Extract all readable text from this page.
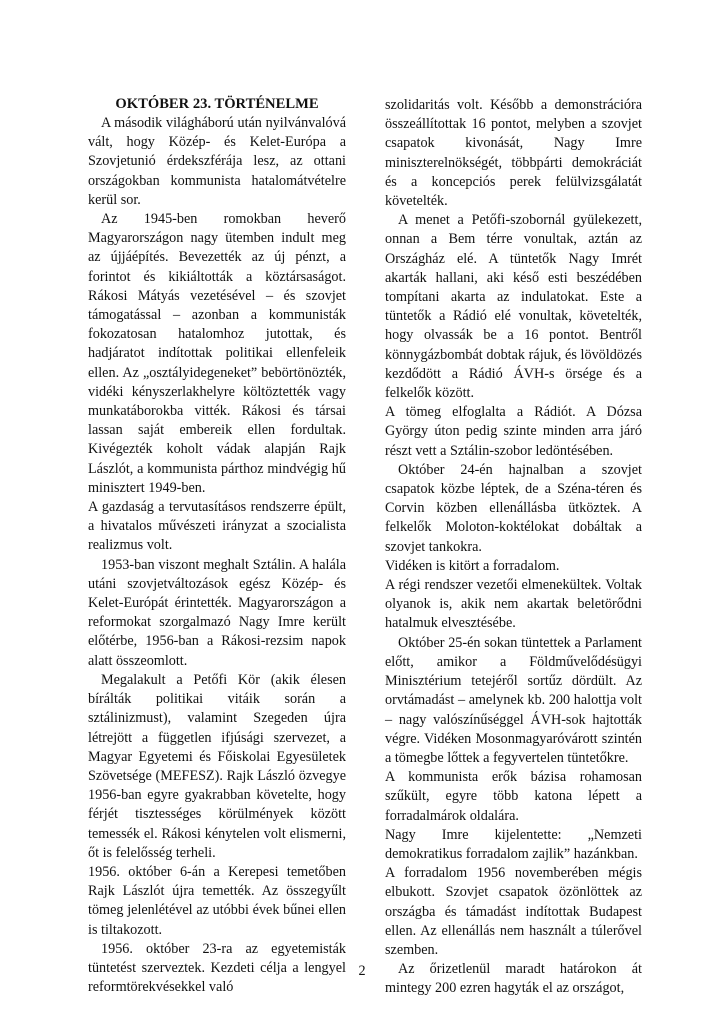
OKTÓBER 23. TÖRTÉNELME

A második világháború után nyilvánvalóvá vált, hogy Közép- és Kelet-Európa a Szovjetunió érdekszférája lesz, az ottani országokban kommunista hatalomátvételre kerül sor.

Az 1945-ben romokban heverő Magyarországon nagy ütemben indult meg az újjáépítés. Bevezették az új pénzt, a forintot és kikiáltották a köztársaságot. Rákosi Mátyás vezetésével – és szovjet támogatással – azonban a kommunisták fokozatosan hatalomhoz jutottak, és hadjáratot indítottak politikai ellenfeleik ellen. Az „osztályidegeneket” bebörtönözték, vidéki kényszerlakhelyre költöztették vagy munkatáborokba vitték. Rákosi és társai lassan saját embereik ellen fordultak. Kivégezték koholt vádak alapján Rajk Lászlót, a kommunista párthoz mindvégig hű minisztert 1949-ben.

A gazdaság a tervutasításos rendszerre épült, a hivatalos művészeti irányzat a szocialista realizmus volt.

1953-ban viszont meghalt Sztálin. A halála utáni szovjetváltozások egész Közép- és Kelet-Európát érintették. Magyarországon a reformokat szorgalmazó Nagy Imre került előtérbe, 1956-ban a Rákosi-rezsim napok alatt összeomlott.

Megalakult a Petőfi Kör (akik élesen bírálták politikai vitáik során a sztálinizmust), valamint Szegeden újra létrejött a független ifjúsági szervezet, a Magyar Egyetemi és Főiskolai Egyesületek Szövetsége (MEFESZ). Rajk László özvegye 1956-ban egyre gyakrabban követelte, hogy férjét tisztességes körülmények között temessék el. Rákosi kénytelen volt elismerni, őt is felelősség terheli.

1956. október 6-án a Kerepesi temetőben Rajk Lászlót újra temették. Az összegyűlt tömeg jelenlétével az utóbbi évek bűnei ellen is tiltakozott.

1956. október 23-ra az egyetemisták tüntetést szerveztek. Kezdeti célja a lengyel reformtörekvésekkel való

szolidaritás volt. Később a demonstrációra összeállítottak 16 pontot, melyben a szovjet csapatok kivonását, Nagy Imre miniszterelnökségét, többpárti demokráciát és a koncepciós perek felülvizsgálatát követelték.

A menet a Petőfi-szobornál gyülekezett, onnan a Bem térre vonultak, aztán az Országház elé. A tüntetők Nagy Imrét akarták hallani, aki késő esti beszédében tompítani akarta az indulatokat. Este a tüntetők a Rádió elé vonultak, követelték, hogy olvassák be a 16 pontot. Bentről könnygázbombát dobtak rájuk, és lövöldözés kezdődött a Rádió ÁVH-s örsége és a felkelők között.

A tömeg elfoglalta a Rádiót. A Dózsa György úton pedig szinte minden arra járó részt vett a Sztálin-szobor ledöntésében.

Október 24-én hajnalban a szovjet csapatok közbe léptek, de a Széna-téren és Corvin közben ellenállásba ütköztek. A felkelők Moloton-koktélokat dobáltak a szovjet tankokra.

Vidéken is kitört a forradalom.

A régi rendszer vezetői elmenekültek. Voltak olyanok is, akik nem akartak beletörődni hatalmuk elvesztésébe.

Október 25-én sokan tüntettek a Parlament előtt, amikor a Földművelődésügyi Minisztérium tetejéről sortűz dördült. Az orvtámadást – amelynek kb. 200 halottja volt – nagy valószínűséggel ÁVH-sok hajtották végre. Vidéken Mosonmagyaróvárott szintén a tömegbe lőttek a fegyvertelen tüntetőkre.

A kommunista erők bázisa rohamosan szűkült, egyre több katona lépett a forradalmárok oldalára.

Nagy Imre kijelentette: „Nemzeti demokratikus forradalom zajlik” hazánkban.

A forradalom 1956 novemberében mégis elbukott. Szovjet csapatok özönlöttek az országba és támadást indítottak Budapest ellen. Az ellenállás nem használt a túlerővel szemben.

Az őrizetlenül maradt határokon át mintegy 200 ezren hagyták el az országot,

2
